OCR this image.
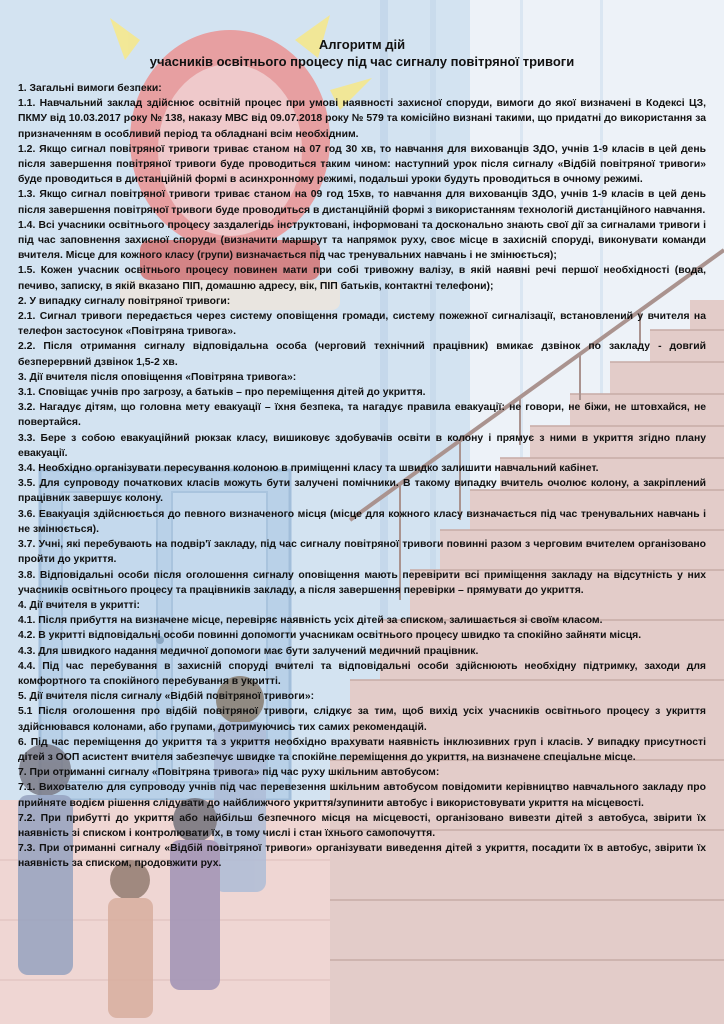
Алгоритм дій

учасників освітнього процесу під час сигналу повітряної тривоги

1. Загальні вимоги безпеки:

1.1. Навчальний заклад здійснює освітній процес при умові наявності захисної споруди, вимоги до якої визначені в Кодексі ЦЗ, ПКМУ від 10.03.2017 року № 138, наказу МВС від 09.07.2018 року № 579 та комісійно визнані такими, що придатні до використання за призначенням в особливий період та обладнані всім необхідним.

1.2. Якщо сигнал повітряної тривоги триває станом на 07 год 30 хв, то навчання для вихованців ЗДО, учнів 1-9 класів в цей день після завершення повітряної тривоги буде проводиться таким чином: наступний урок після сигналу «Відбій повітряної тривоги» буде проводиться в дистанційній формі в асинхронному режимі, подальші уроки будуть проводиться в очному режимі.

1.3. Якщо сигнал повітряної тривоги триває станом на 09 год 15хв, то навчання для вихованців ЗДО, учнів 1-9 класів в цей день після завершення повітряної тривоги буде проводиться в дистанційній формі з використанням технологій дистанційного навчання.

1.4. Всі учасники освітнього процесу заздалегідь інструктовані, інформовані та досконально знають свої дії за сигналами тривоги і під час заповнення захисної споруди (визначити маршрут та напрямок руху, своє місце в захисній споруді, виконувати команди вчителя. Місце для кожного класу (групи) визначається під час тренувальних навчань і не змінюється);

1.5. Кожен учасник освітнього процесу повинен мати при собі тривожну валізу, в якій наявні речі першої необхідності (вода, печиво, записку, в якій вказано ПІП, домашню адресу, вік, ПІП батьків, контактні телефони);

2. У випадку сигналу повітряної тривоги:

2.1. Сигнал тривоги передається через систему оповіщення громади, систему пожежної сигналізації, встановлений у вчителя на телефон застосунок «Повітряна тривога».

2.2. Після отримання сигналу відповідальна особа (черговий технічний працівник) вмикає дзвінок по закладу - довгий безперервний дзвінок 1,5-2 хв.

3. Дії вчителя після оповіщення «Повітряна тривога»:

3.1. Сповіщає учнів про загрозу, а батьків – про переміщення дітей до укриття.

3.2. Нагадує дітям, що головна мету евакуації – їхня безпека, та нагадує правила евакуації: не говори, не біжи, не штовхайся, не повертайся.

3.3. Бере з собою евакуаційний рюкзак класу, вишиковує здобувачів освіти в колону і прямує з ними в укриття згідно плану евакуації.

3.4. Необхідно організувати пересування колоною в приміщенні класу та швидко залишити навчальний кабінет.

3.5. Для супроводу початкових класів можуть бути залучені помічники. В такому випадку вчитель очолює колону, а закріплений працівник завершує колону.

3.6. Евакуація здійснюється до певного визначеного місця (місце для кожного класу визначається під час тренувальних навчань і не змінюється).

3.7. Учні, які перебувають на подвір'ї закладу, під час сигналу повітряної тривоги повинні разом з черговим вчителем організовано пройти до укриття.

3.8. Відповідальні особи після оголошення сигналу оповіщення мають перевірити всі приміщення закладу на відсутність у них учасників освітнього процесу та працівників закладу, а після завершення перевірки – прямувати до укриття.

4. Дії вчителя в укритті:

4.1. Після прибуття на визначене місце, перевіряє наявність усіх дітей за списком, залишається зі своїм класом.

4.2. В укритті відповідальні особи повинні допомогти учасникам освітнього процесу швидко та спокійно зайняти місця.

4.3. Для швидкого надання медичної допомоги має бути залучений медичний працівник.

4.4. Під час перебування в захисній споруді вчителі та відповідальні особи здійснюють необхідну підтримку, заходи для комфортного та спокійного перебування в укритті.

5. Дії вчителя після сигналу «Відбій повітряної тривоги»:

5.1 Після оголошення про відбій повітряної тривоги, слідкує за тим, щоб вихід усіх учасників освітнього процесу з укриття здійснювався колонами, або групами, дотримуючись тих самих рекомендацій.

6. Під час переміщення до укриття та з укриття необхідно врахувати наявність інклюзивних груп і класів. У випадку присутності дітей з ООП асистент вчителя забезпечує швидке та спокійне переміщення до укриття, на визначене спеціальне місце.

7. При отриманні сигналу «Повітряна тривога» під час руху шкільним автобусом:

7.1. Вихователю для супроводу учнів під час перевезення шкільним автобусом повідомити керівництво навчального закладу про прийняте водієм рішення слідувати до найближчого укриття/зупинити автобус і використовувати укриття на місцевості.

7.2. При прибутті до укриття або найбільш безпечного місця на місцевості, організовано вивезти дітей з автобуса, звірити їх наявність зі списком і контролювати їх, в тому числі і стан їхнього самопочуття.

7.3. При отриманні сигналу «Відбій повітряної тривоги» організувати виведення дітей з укриття, посадити їх в автобус, звірити їх наявність за списком, продовжити рух.
